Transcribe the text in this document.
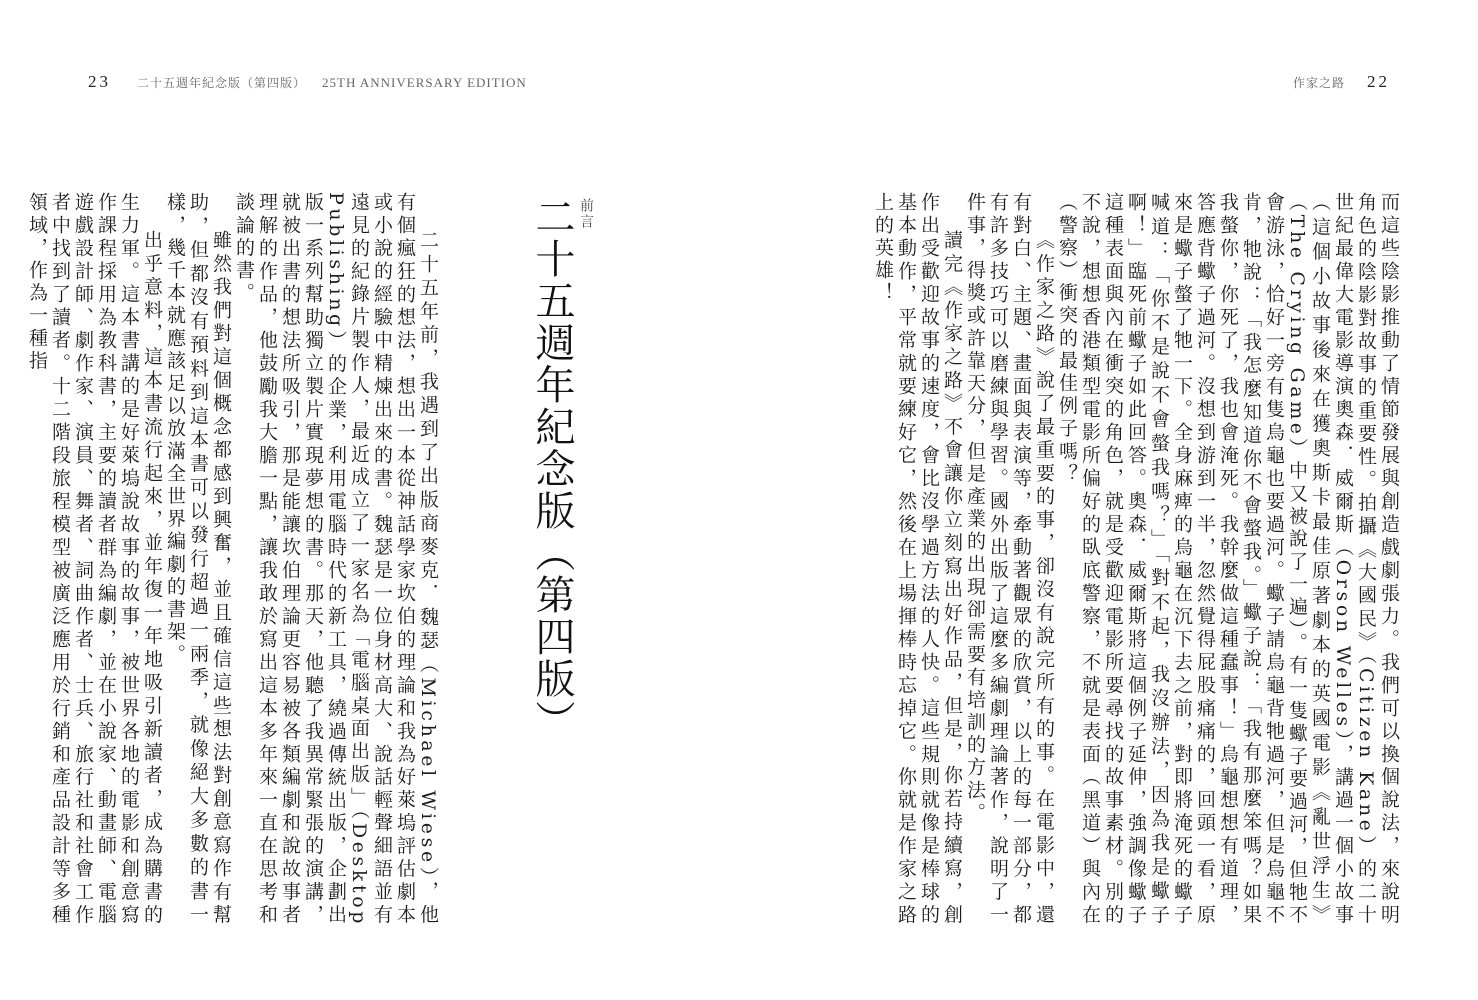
23 二十五週年紀念版（第四版） 25TH ANNIVERSARY EDITION
前言
二十五週年紀念版（第四版）

二十五年前，我遇到了出版商麥克．魏瑟（Michael Wiese），他有個瘋狂的想法，想出一本從神話學家坎伯的理論和我為好萊塢評估劇本或小說的經驗中精煉出來的書。魏瑟是一位身材高大、說話輕聲細語並有遠見的紀錄片製作人，最近成立了一家名為「電腦桌面出版」（Desktop Publishing）的企業，利用電腦時代的新工具，繞過傳統出版，企劃出版一系列幫助獨立製片實現夢想的書。那天，他聽了我異常緊張的演講，就被出書的想法所吸引，那是能讓坎伯理論更容易被各類編劇和說故事者理解的作品，他鼓勵我大膽一點，讓我敢於寫出這本多年來一直在思考和談論的書。

雖然我們對這個概念都感到興奮，並且確信這些想法對創意寫作有幫助，但都沒有預料到這本書可以發行超過一兩季，就像絕大多數的書一樣，幾千本就應該足以放滿全世界編劇的書架。

出乎意料，這本書流行起來，並年復一年地吸引新讀者，成為購書的生力軍。這本書講的是好萊塢說故事的故事，被世界各地的電影和創意寫作課程採用為教科書，主要的讀者群為編劇，並在小說家、動畫師、電腦遊戲設計師、劇作家、演員、舞者、詞曲作者、士兵、旅行社和社會工作者中找到了讀者。十二階段旅程模型被廣泛應用於行銷和產品設計等多種領域，作為一種指

作家之路 22

而這些陰影推動了情節發展與創造戲劇張力。我們可以換個說法，來說明角色的陰影對故事的重要性。拍攝《大國民》（Citizen Kane）的二十世紀最偉大電影導演奧森．威爾斯（Orson Welles），講過一個小故事（這個小故事後來在獲奧斯卡最佳原著劇本的英國電影《亂世浮生》（The Crying Game）中又被說了一遍）。有一隻蠍子要過河，但牠不會游泳，恰好一旁有隻烏龜也要過河。蠍子請烏龜背牠過河，但是烏龜不肯，牠說：「我怎麼知道你不會螫我。」蠍子說：「我有那麼笨嗎？如果我螫你，你死了，我也會淹死。我幹麼做這種蠢事！」烏龜想想有道理，答應背蠍子過河。沒想到游到一半，忽然覺得屁股痛痛的，回頭一看，原來是蠍子螫了牠一下。全身麻痺的烏龜在沉下去之前，對即將淹死的蠍子喊道：「你不是說不會螫我嗎？」「對不起，我沒辦法，因為我是蠍子啊！」臨死前蠍子如此回答。奧森．威爾斯將這個例子延伸，強調像蠍子這種表面與內在衝突的角色，就是受歡迎電影所要尋找的故事素材。別的不說，想想香港類型電影所偏好的臥底警察，不就是表面（黑道）與內在（警察）衝突的最佳例子嗎？

《作家之路》說了最重要的事，卻沒有說完所有的事。在電影中，還有對白、主題、畫面與表演等，牽動著觀眾的欣賞，以上的每一部分，都有許多技巧可以磨練與學習。國外出版了這麼多編劇理論著作，說明了一件事，得獎或許靠天分，但是產業的出現卻需要有培訓的方法。

讀完《作家之路》不會讓你立刻寫出好作品，但是，你若持續寫，創作出受歡迎故事的速度，會比沒學過方法的人快。這些規則就像是棒球的基本動作，平常就要練好它，然後在上場揮棒時忘掉它。你就是作家之路上的英雄！
